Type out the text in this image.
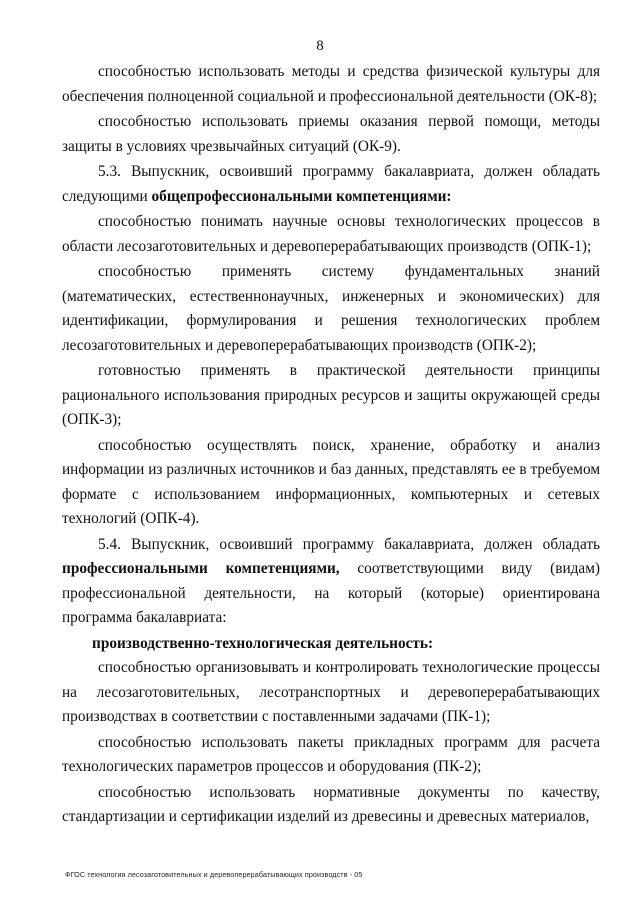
8

способностью использовать методы и средства физической культуры для обеспечения полноценной социальной и профессиональной деятельности (ОК-8);

способностью использовать приемы оказания первой помощи, методы защиты в условиях чрезвычайных ситуаций (ОК-9).

5.3. Выпускник, освоивший программу бакалавриата, должен обладать следующими общепрофессиональными компетенциями:

способностью понимать научные основы технологических процессов в области лесозаготовительных и деревоперерабатывающих производств (ОПК-1);

способностью применять систему фундаментальных знаний (математических, естественнонаучных, инженерных и экономических) для идентификации, формулирования и решения технологических проблем лесозаготовительных и деревоперерабатывающих производств (ОПК-2);

готовностью применять в практической деятельности принципы рационального использования природных ресурсов и защиты окружающей среды (ОПК-3);

способностью осуществлять поиск, хранение, обработку и анализ информации из различных источников и баз данных, представлять ее в требуемом формате с использованием информационных, компьютерных и сетевых технологий (ОПК-4).

5.4. Выпускник, освоивший программу бакалавриата, должен обладать профессиональными компетенциями, соответствующими виду (видам) профессиональной деятельности, на который (которые) ориентирована программа бакалавриата:

производственно-технологическая деятельность:

способностью организовывать и контролировать технологические процессы на лесозаготовительных, лесотранспортных и деревоперерабатывающих производствах в соответствии с поставленными задачами (ПК-1);

способностью использовать пакеты прикладных программ для расчета технологических параметров процессов и оборудования (ПК-2);

способностью использовать нормативные документы по качеству, стандартизации и сертификации изделий из древесины и древесных материалов,

ФГОС технология лесозаготовительных и деревоперерабатывающих производств - 05
